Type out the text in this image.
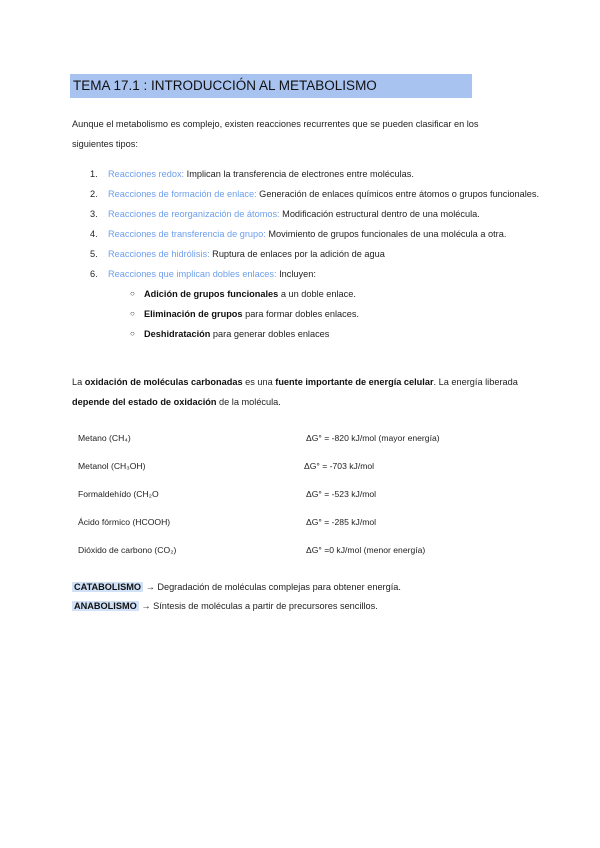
TEMA 17.1 : INTRODUCCIÓN AL METABOLISMO
Aunque el metabolismo es complejo, existen reacciones recurrentes que se pueden clasificar en los siguientes tipos:
1. Reacciones redox: Implican la transferencia de electrones entre moléculas.
2. Reacciones de formación de enlace: Generación de enlaces químicos entre átomos o grupos funcionales.
3. Reacciones de reorganización de átomos: Modificación estructural dentro de una molécula.
4. Reacciones de transferencia de grupo: Movimiento de grupos funcionales de una molécula a otra.
5. Reacciones de hidrólisis: Ruptura de enlaces por la adición de agua
6. Reacciones que implican dobles enlaces: Incluyen:
○ Adición de grupos funcionales a un doble enlace.
○ Eliminación de grupos para formar dobles enlaces.
○ Deshidratación para generar dobles enlaces
La oxidación de moléculas carbonadas es una fuente importante de energía celular. La energía liberada depende del estado de oxidación de la molécula.
Metano (CH₄)	ΔG° = -820 kJ/mol (mayor energía)
Metanol (CH₃OH)	ΔG° = -703 kJ/mol
Formaldehído (CH₂O	ΔG° = -523 kJ/mol
Ácido fórmico (HCOOH)	ΔG° = -285 kJ/mol
Dióxido de carbono (CO₂)	ΔG° =0 kJ/mol (menor energía)
CATABOLISMO → Degradación de moléculas complejas para obtener energía.
ANABOLISMO → Síntesis de moléculas a partir de precursores sencillos.
